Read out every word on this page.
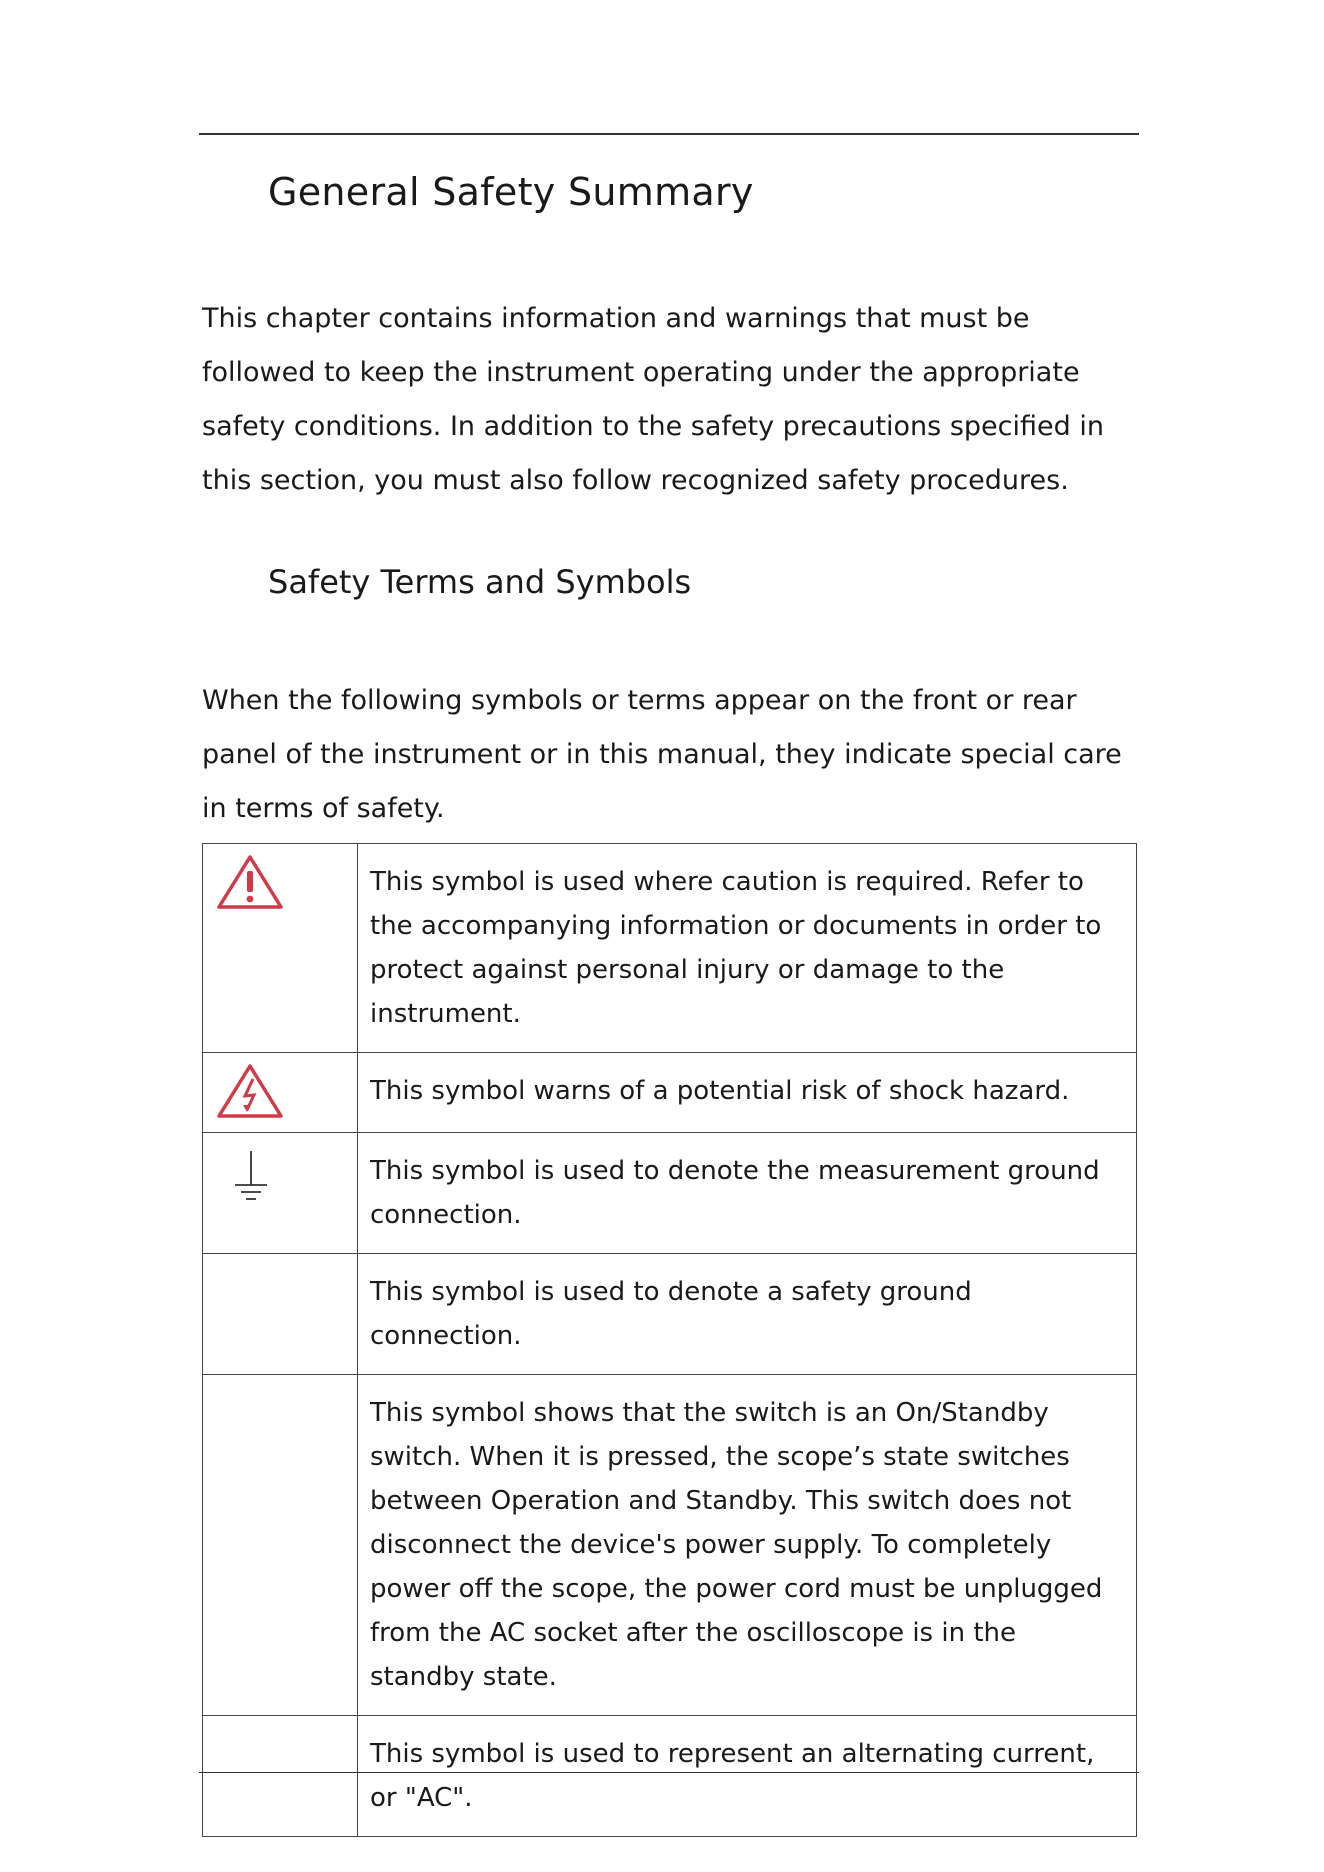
General Safety Summary

This chapter contains information and warnings that must be followed to keep the instrument operating under the appropriate safety conditions. In addition to the safety precautions specified in this section, you must also follow recognized safety procedures.

Safety Terms and Symbols

When the following symbols or terms appear on the front or rear panel of the instrument or in this manual, they indicate special care in terms of safety.

	This symbol is used where caution is required. Refer to the accompanying information or documents in order to protect against personal injury or damage to the instrument.

	This symbol warns of a potential risk of shock hazard.

	This symbol is used to denote the measurement ground connection.
	This symbol is used to denote a safety ground connection.
	This symbol shows that the switch is an On/Standby switch. When it is pressed, the scope’s state switches between Operation and Standby. This switch does not disconnect the device's power supply. To completely power off the scope, the power cord must be unplugged from the AC socket after the oscilloscope is in the standby state.
	This symbol is used to represent an alternating current, or "AC".
